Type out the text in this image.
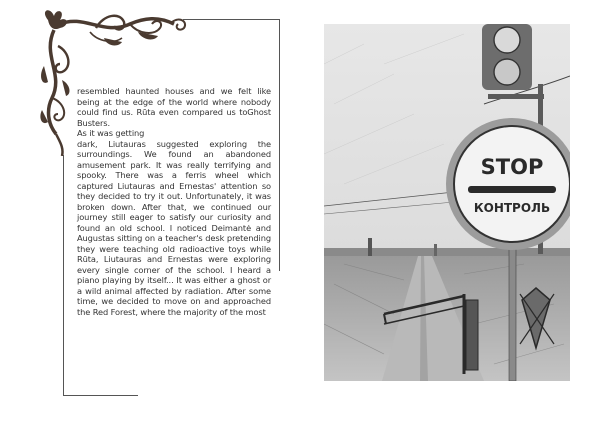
resembled haunted houses and we felt like being at the edge of the world where nobody could find us. Rūta even compared us toGhost Busters.

As it was getting

dark, Liutauras suggested exploring the surroundings. We found an abandoned amusement park. It was really terrifying and spooky. There was a ferris wheel which captured Liutauras and Ernestas' attention so they decided to try it out. Unfortunately, it was broken down. After that, we continued our journey still eager to satisfy our curiosity and found an old school. I noticed Deimantė and Augustas sitting on a teacher's desk pretending they were teaching old radioactive toys while Rūta, Liutauras and Ernestas were exploring every single corner of the school. I heard a piano playing by itself... It was either a ghost or a wild animal affected by radiation. After some time, we decided to move on and approached the Red Forest, where the majority of the most

STOP
КОНТРОЛЬ
